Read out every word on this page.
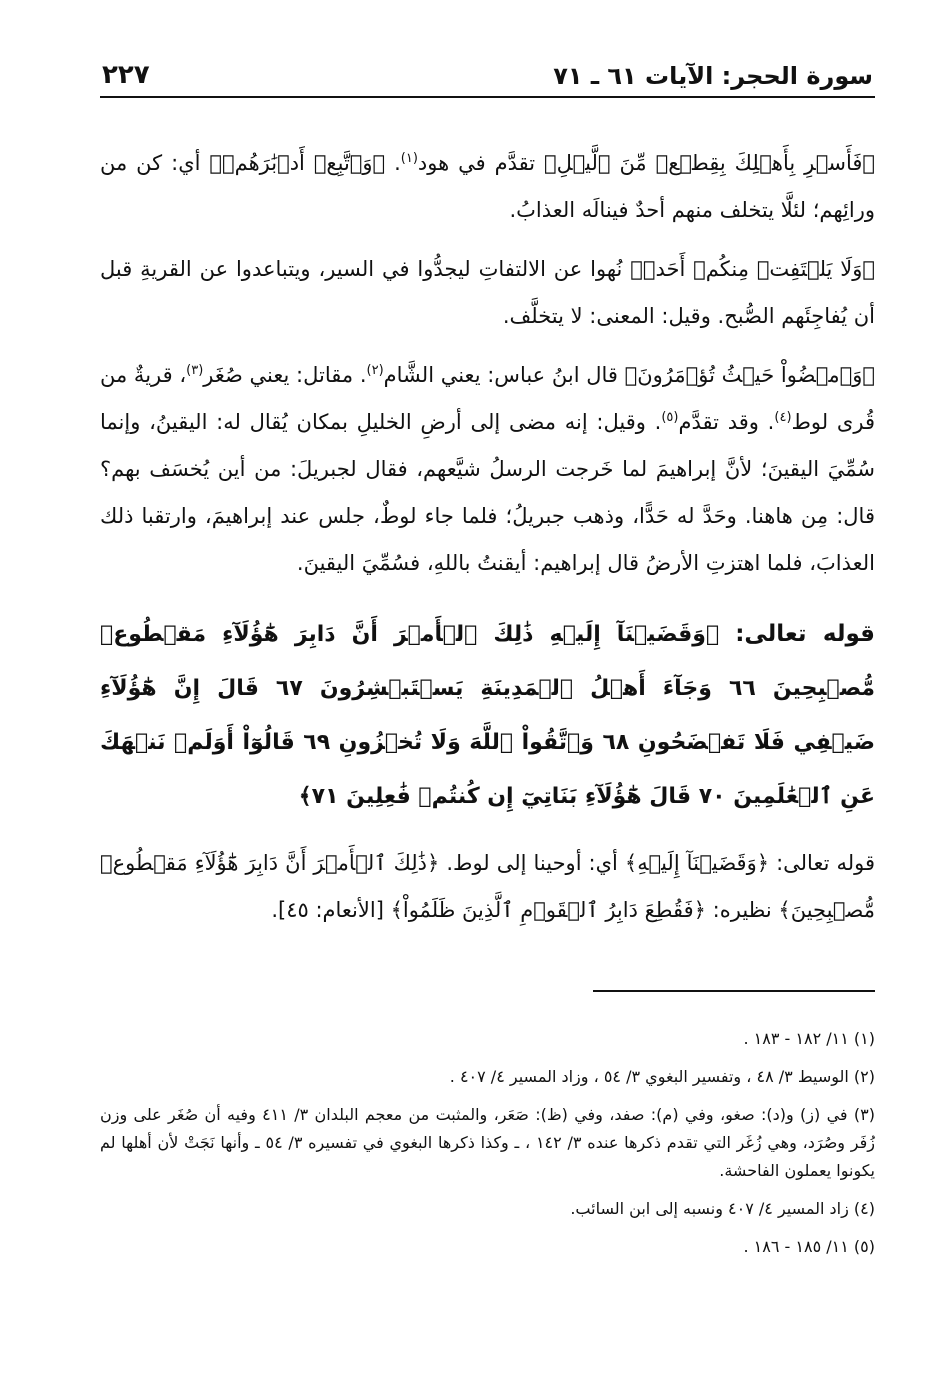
سورة الحجر: الآيات ٦١ ـ ٧١
٢٢٧

﴿فَأَسۡرِ بِأَهۡلِكَ بِقِطۡعٖ مِّنَ ٱلَّيۡلِ﴾ تقدَّم في هود$^{(١)}$. ﴿وَٱتَّبِعۡ أَدۡبَٰرَهُمۡ﴾ أي: كن من ورائِهم؛ لئلَّا يتخلف منهم أحدٌ فينالَه العذابُ.

﴿وَلَا يَلۡتَفِتۡ مِنكُمۡ أَحَدٞ﴾ نُهوا عن الالتفاتِ ليجدُّوا في السير، ويتباعدوا عن القريةِ قبل أن يُفاجِئَهم الصُّبح. وقيل: المعنى: لا يتخلَّف.

﴿وَٱمۡضُواْ حَيۡثُ تُؤۡمَرُونَ﴾ قال ابنُ عباس: يعني الشَّام$^{(٢)}$. مقاتل: يعني صُغَر$^{(٣)}$، قريةٌ من قُرى لوط$^{(٤)}$. وقد تقدَّم$^{(٥)}$. وقيل: إنه مضى إلى أرضِ الخليلِ بمكان يُقال له: اليقينُ، وإنما سُمِّيَ اليقينَ؛ لأنَّ إبراهيمَ لما خَرجت الرسلُ شيَّعهم، فقال لجبريلَ: من أين يُخسَف بهم؟ قال: مِن هاهنا. وحَدَّ له حَدًّا، وذهب جبريلُ؛ فلما جاء لوطٌ، جلس عند إبراهيمَ، وارتقبا ذلك العذابَ، فلما اهتزتِ الأرضُ قال إبراهيم: أيقنتُ باللهِ، فسُمِّيَ اليقينَ.

قوله تعالى: ﴿وَقَضَيۡنَآ إِلَيۡهِ ذَٰلِكَ ٱلۡأَمۡرَ أَنَّ دَابِرَ هَٰٓؤُلَآءِ مَقۡطُوعٞ مُّصۡبِحِينَ ٦٦ وَجَآءَ أَهۡلُ ٱلۡمَدِينَةِ يَسۡتَبۡشِرُونَ ٦٧ قَالَ إِنَّ هَٰٓؤُلَآءِ ضَيۡفِي فَلَا تَفۡضَحُونِ ٦٨ وَٱتَّقُواْ ٱللَّهَ وَلَا تُخۡزُونِ ٦٩ قَالُوٓاْ أَوَلَمۡ نَنۡهَكَ عَنِ ٱلۡعَٰلَمِينَ ٧٠ قَالَ هَٰٓؤُلَآءِ بَنَاتِيٓ إِن كُنتُمۡ فَٰعِلِينَ ٧١﴾

قوله تعالى: ﴿وَقَضَيۡنَآ إِلَيۡهِ﴾ أي: أوحينا إلى لوط. ﴿ذَٰلِكَ ٱلۡأَمۡرَ أَنَّ دَابِرَ هَٰٓؤُلَآءِ مَقۡطُوعٞ مُّصۡبِحِينَ﴾ نظيره: ﴿فَقُطِعَ دَابِرُ ٱلۡقَوۡمِ ٱلَّذِينَ ظَلَمُواْ﴾ [الأنعام: ٤٥].

(١) ١١/ ١٨٢ - ١٨٣ .

(٢) الوسيط ٣/ ٤٨ ، وتفسير البغوي ٣/ ٥٤ ، وزاد المسير ٤/ ٤٠٧ .

(٣) في (ز) و(د): صغو، وفي (م): صفد، وفي (ظ): صَعَر، والمثبت من معجم البلدان ٣/ ٤١١ وفيه أن صُغَر على وزن زُفَر وصُرَد، وهي زُغَر التي تقدم ذكرها عنده ٣/ ١٤٢ ، ـ وكذا ذكرها البغوي في تفسيره ٣/ ٥٤ ـ وأنها نَجَتْ لأن أهلها لم يكونوا يعملون الفاحشة.

(٤) زاد المسير ٤/ ٤٠٧ ونسبه إلى ابن السائب.

(٥) ١١/ ١٨٥ - ١٨٦ .
